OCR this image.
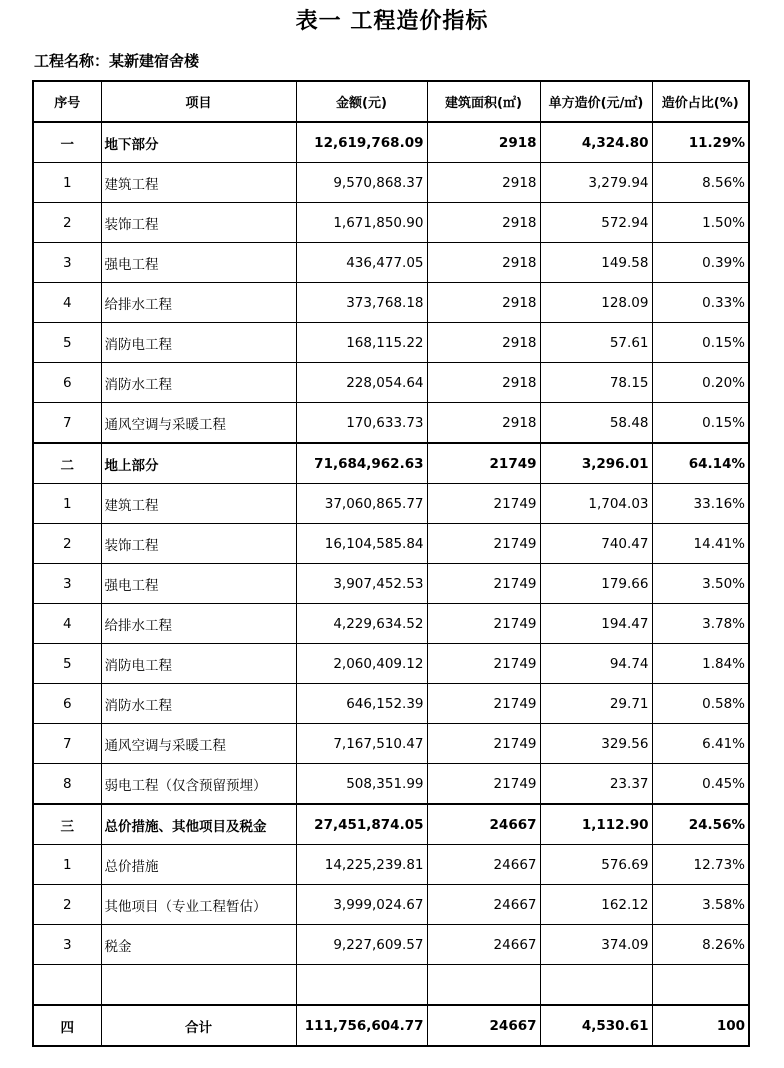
表一 工程造价指标
工程名称：某新建宿舍楼
序号	项目	金额(元)	建筑面积(㎡)	单方造价(元/㎡)	造价占比(%)
一	地下部分	12,619,768.09	2918	4,324.80	11.29%
1	建筑工程	9,570,868.37	2918	3,279.94	8.56%
2	装饰工程	1,671,850.90	2918	572.94	1.50%
3	强电工程	436,477.05	2918	149.58	0.39%
4	给排水工程	373,768.18	2918	128.09	0.33%
5	消防电工程	168,115.22	2918	57.61	0.15%
6	消防水工程	228,054.64	2918	78.15	0.20%
7	通风空调与采暖工程	170,633.73	2918	58.48	0.15%
二	地上部分	71,684,962.63	21749	3,296.01	64.14%
1	建筑工程	37,060,865.77	21749	1,704.03	33.16%
2	装饰工程	16,104,585.84	21749	740.47	14.41%
3	强电工程	3,907,452.53	21749	179.66	3.50%
4	给排水工程	4,229,634.52	21749	194.47	3.78%
5	消防电工程	2,060,409.12	21749	94.74	1.84%
6	消防水工程	646,152.39	21749	29.71	0.58%
7	通风空调与采暖工程	7,167,510.47	21749	329.56	6.41%
8	弱电工程（仅含预留预埋）	508,351.99	21749	23.37	0.45%
三	总价措施、其他项目及税金	27,451,874.05	24667	1,112.90	24.56%
1	总价措施	14,225,239.81	24667	576.69	12.73%
2	其他项目（专业工程暂估）	3,999,024.67	24667	162.12	3.58%
3	税金	9,227,609.57	24667	374.09	8.26%

四	合计	111,756,604.77	24667	4,530.61	100
